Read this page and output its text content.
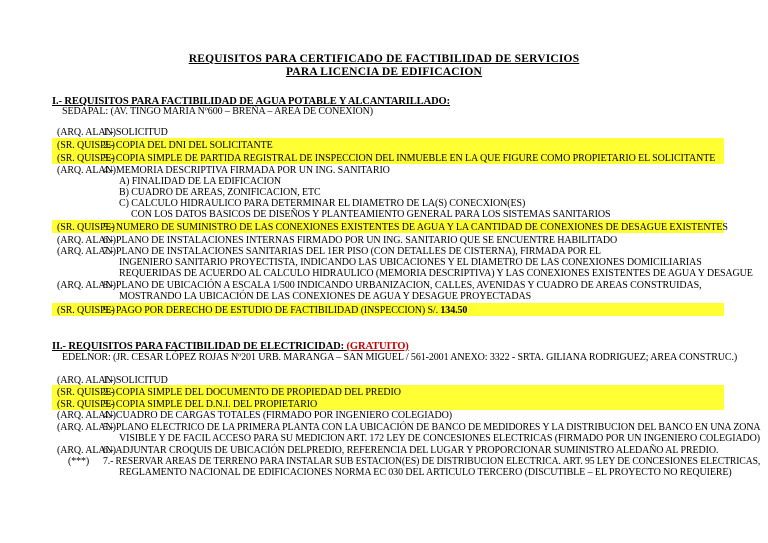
REQUISITOS PARA CERTIFICADO DE FACTIBILIDAD DE SERVICIOS
PARA LICENCIA DE EDIFICACION
I.- REQUISITOS PARA FACTIBILIDAD DE AGUA POTABLE Y ALCANTARILLADO:
SEDAPAL: (AV. TINGO MARIA Nº600 – BREÑA – AREA DE CONEXION)
(ARQ. ALAN)
1.- SOLICITUD
(SR. QUISPE)
2.- COPIA DEL DNI DEL SOLICITANTE
(SR. QUISPE)
3.- COPIA SIMPLE DE PARTIDA REGISTRAL DE INSPECCION DEL INMUEBLE EN LA QUE FIGURE COMO PROPIETARIO EL SOLICITANTE
(ARQ. ALAN)
4.- MEMORIA DESCRIPTIVA FIRMADA POR UN ING. SANITARIO
A) FINALIDAD DE LA EDIFICACION
B) CUADRO DE AREAS, ZONIFICACION, ETC
C) CALCULO HIDRAULICO PARA DETERMINAR EL DIAMETRO DE LA(S) CONECXION(ES)
CON LOS DATOS BASICOS DE DISEÑOS Y PLANTEAMIENTO GENERAL PARA LOS SISTEMAS SANITARIOS
(SR. QUISPE)
5.- NUMERO DE SUMINISTRO DE LAS CONEXIONES EXISTENTES DE AGUA Y LA CANTIDAD DE CONEXIONES DE DESAGUE EXISTENTES
(ARQ. ALAN)
6.- PLANO DE INSTALACIONES INTERNAS FIRMADO POR UN ING. SANITARIO QUE SE ENCUENTRE HABILITADO
(ARQ. ALAN)
7.- PLANO DE INSTALACIONES SANITARIAS DEL 1ER PISO (CON DETALLES DE CISTERNA), FIRMADA POR EL
INGENIERO SANITARIO PROYECTISTA, INDICANDO LAS UBICACIONES Y EL DIAMETRO DE LAS CONEXIONES DOMICILIARIAS
REQUERIDAS DE ACUERDO AL CALCULO HIDRAULICO (MEMORIA DESCRIPTIVA) Y LAS CONEXIONES EXISTENTES DE AGUA Y DESAGUE
(ARQ. ALAN)
8.- PLANO DE UBICACIÓN A ESCALA 1/500 INDICANDO URBANIZACION, CALLES, AVENIDAS Y CUADRO DE AREAS CONSTRUIDAS,
MOSTRANDO LA UBICACIÓN DE LAS CONEXIONES DE AGUA Y DESAGUE PROYECTADAS
(SR. QUISPE)
9.- PAGO POR DERECHO DE ESTUDIO DE FACTIBILIDAD (INSPECCION) S/. 134.50
II.- REQUISITOS PARA FACTIBILIDAD DE ELECTRICIDAD: (GRATUITO)
EDELNOR: (JR. CESAR LÓPEZ ROJAS Nº201 URB. MARANGA – SAN MIGUEL / 561-2001 ANEXO: 3322 - SRTA. GILIANA RODRIGUEZ; AREA CONSTRUC.)
(ARQ. ALAN)
1.- SOLICITUD
(SR. QUISPE)
2.- COPIA SIMPLE DEL DOCUMENTO DE PROPIEDAD DEL PREDIO
(SR. QUISPE)
3.- COPIA SIMPLE DEL D.N.I. DEL PROPIETARIO
(ARQ. ALAN)
4.- CUADRO DE CARGAS TOTALES (FIRMADO POR INGENIERO COLEGIADO)
(ARQ. ALAN)
5.- PLANO ELECTRICO DE LA PRIMERA PLANTA CON LA UBICACIÓN DE BANCO DE MEDIDORES Y LA DISTRIBUCION DEL BANCO EN UNA ZONA
VISIBLE Y DE FACIL ACCESO PARA SU MEDICION ART. 172 LEY DE CONCESIONES ELECTRICAS (FIRMADO POR UN INGENIERO COLEGIADO)
(ARQ. ALAN)
6.- ADJUNTAR CROQUIS DE UBICACIÓN DELPREDIO, REFERENCIA DEL LUGAR Y PROPORCIONAR SUMINISTRO ALEDAÑO AL PREDIO.
(***) 7.- RESERVAR AREAS DE TERRENO PARA INSTALAR SUB ESTACION(ES) DE DISTRIBUCION ELECTRICA. ART. 95 LEY DE CONCESIONES ELECTRICAS,
REGLAMENTO NACIONAL DE EDIFICACIONES NORMA EC 030 DEL ARTICULO TERCERO (DISCUTIBLE – EL PROYECTO NO REQUIERE)
